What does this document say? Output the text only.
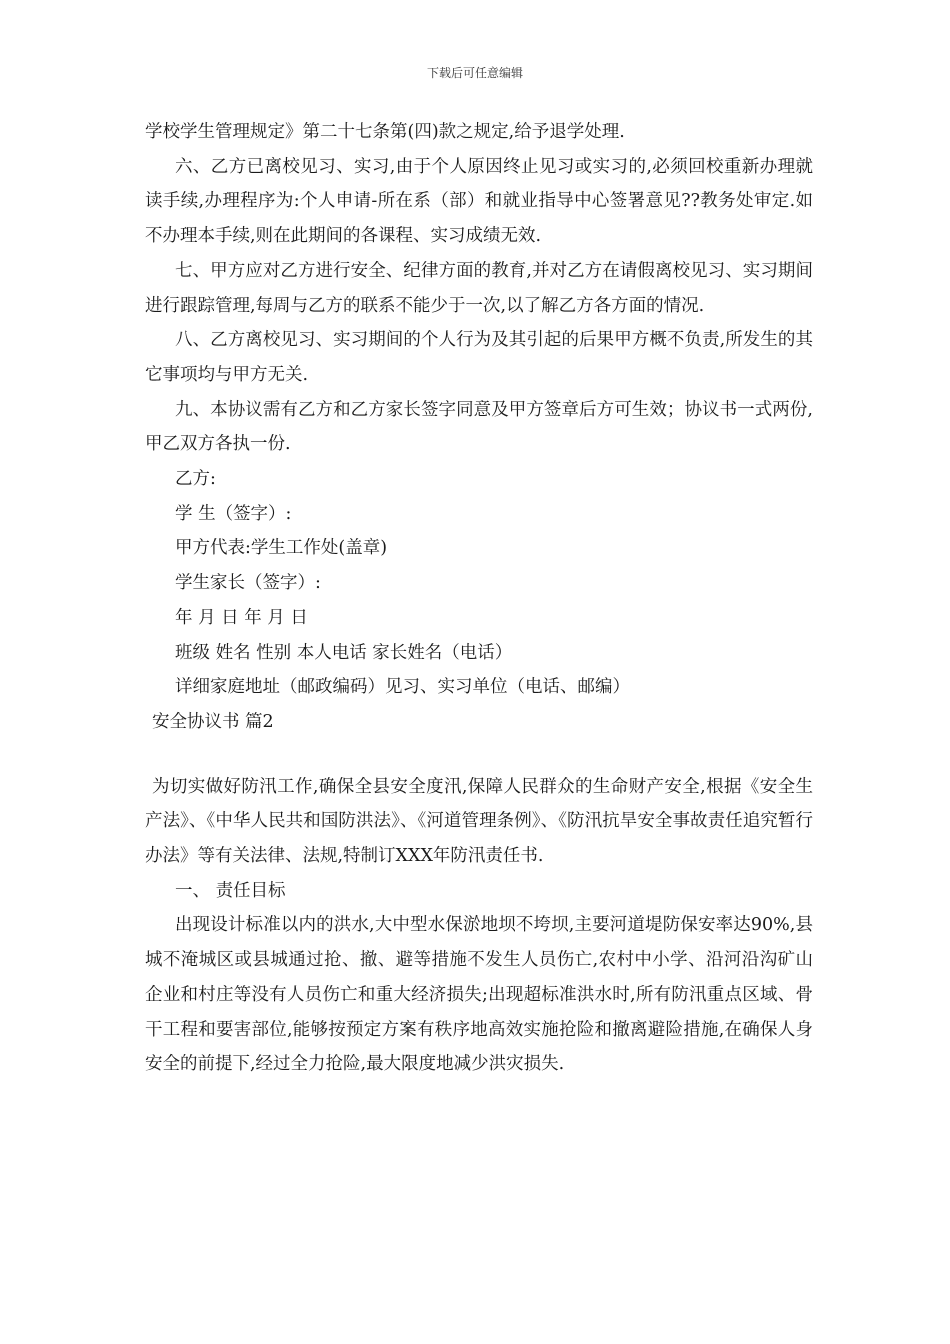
下载后可任意编辑

学校学生管理规定》第二十七条第(四)款之规定,给予退学处理.

六、乙方已离校见习、实习,由于个人原因终止见习或实习的,必须回校重新办理就读手续,办理程序为:个人申请-所在系（部）和就业指导中心签署意见??教务处审定.如不办理本手续,则在此期间的各课程、实习成绩无效.

七、甲方应对乙方进行安全、纪律方面的教育,并对乙方在请假离校见习、实习期间进行跟踪管理,每周与乙方的联系不能少于一次,以了解乙方各方面的情况.

八、乙方离校见习、实习期间的个人行为及其引起的后果甲方概不负责,所发生的其它事项均与甲方无关.

九、本协议需有乙方和乙方家长签字同意及甲方签章后方可生效；协议书一式两份,甲乙双方各执一份.

乙方:

学 生（签字）:

甲方代表:学生工作处(盖章)

学生家长（签字）:

年 月 日 年 月 日

班级 姓名 性别 本人电话 家长姓名（电话）

详细家庭地址（邮政编码）见习、实习单位（电话、邮编）

安全协议书 篇2

为切实做好防汛工作,确保全县安全度汛,保障人民群众的生命财产安全,根据《安全生产法》、《中华人民共和国防洪法》、《河道管理条例》、《防汛抗旱安全事故责任追究暂行办法》等有关法律、法规,特制订XXX年防汛责任书.

一、 责任目标

出现设计标准以内的洪水,大中型水保淤地坝不垮坝,主要河道堤防保安率达90%,县城不淹城区或县城通过抢、撤、避等措施不发生人员伤亡,农村中小学、沿河沿沟矿山企业和村庄等没有人员伤亡和重大经济损失;出现超标准洪水时,所有防汛重点区域、骨干工程和要害部位,能够按预定方案有秩序地高效实施抢险和撤离避险措施,在确保人身安全的前提下,经过全力抢险,最大限度地减少洪灾损失.
